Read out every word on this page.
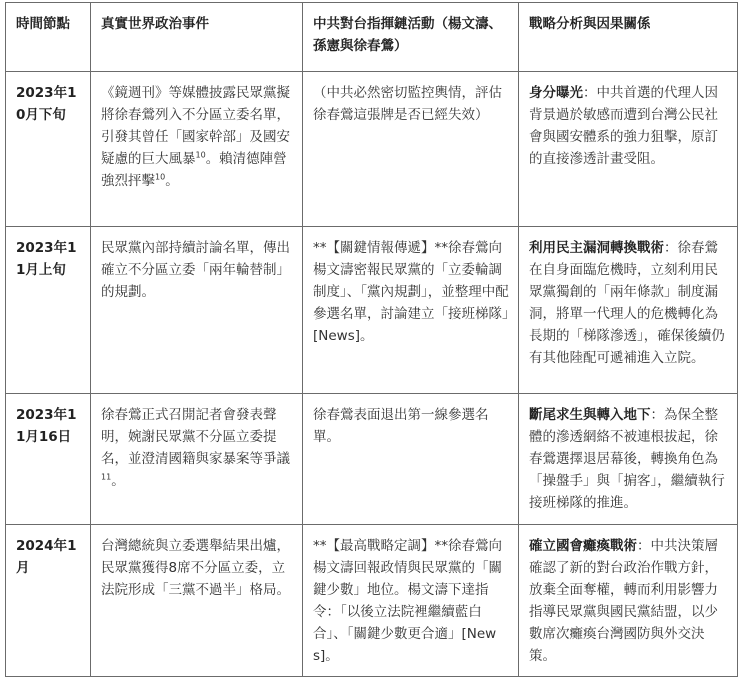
時間節點	真實世界政治事件	中共對台指揮鏈活動（楊文濤、孫憲與徐春鶯）	戰略分析與因果關係
2023年10月下旬	《鏡週刊》等媒體披露民眾黨擬將徐春鶯列入不分區立委名單，引發其曾任「國家幹部」及國安疑慮的巨大風暴$^{10}$。賴清德陣營強烈抨擊$^{10}$。	（中共必然密切監控輿情，評估徐春鶯這張牌是否已經失效）	身分曝光：中共首選的代理人因背景過於敏感而遭到台灣公民社會與國安體系的強力狙擊，原訂的直接滲透計畫受阻。
2023年11月上旬	民眾黨內部持續討論名單，傳出確立不分區立委「兩年輪替制」的規劃。	**【關鍵情報傳遞】**徐春鶯向楊文濤密報民眾黨的「立委輪調制度」、「黨內規劃」，並整理中配參選名單，討論建立「接班梯隊」[News]。	利用民主漏洞轉換戰術：徐春鶯在自身面臨危機時，立刻利用民眾黨獨創的「兩年條款」制度漏洞，將單一代理人的危機轉化為長期的「梯隊滲透」，確保後續仍有其他陸配可遞補進入立院。
2023年11月16日	徐春鶯正式召開記者會發表聲明，婉謝民眾黨不分區立委提名，並澄清國籍與家暴案等爭議$^{11}$。	徐春鶯表面退出第一線參選名單。	斷尾求生與轉入地下：為保全整體的滲透網絡不被連根拔起，徐春鶯選擇退居幕後，轉換角色為「操盤手」與「掮客」，繼續執行接班梯隊的推進。
2024年1月	台灣總統與立委選舉結果出爐，民眾黨獲得8席不分區立委，立法院形成「三黨不過半」格局。	**【最高戰略定調】**徐春鶯向楊文濤回報政情與民眾黨的「關鍵少數」地位。楊文濤下達指令：「以後立法院裡繼續藍白合」、「關鍵少數更合適」[News]。	確立國會癱瘓戰術：中共決策層確認了新的對台政治作戰方針，放棄全面奪權，轉而利用影響力指導民眾黨與國民黨結盟，以少數席次癱瘓台灣國防與外交決策。
